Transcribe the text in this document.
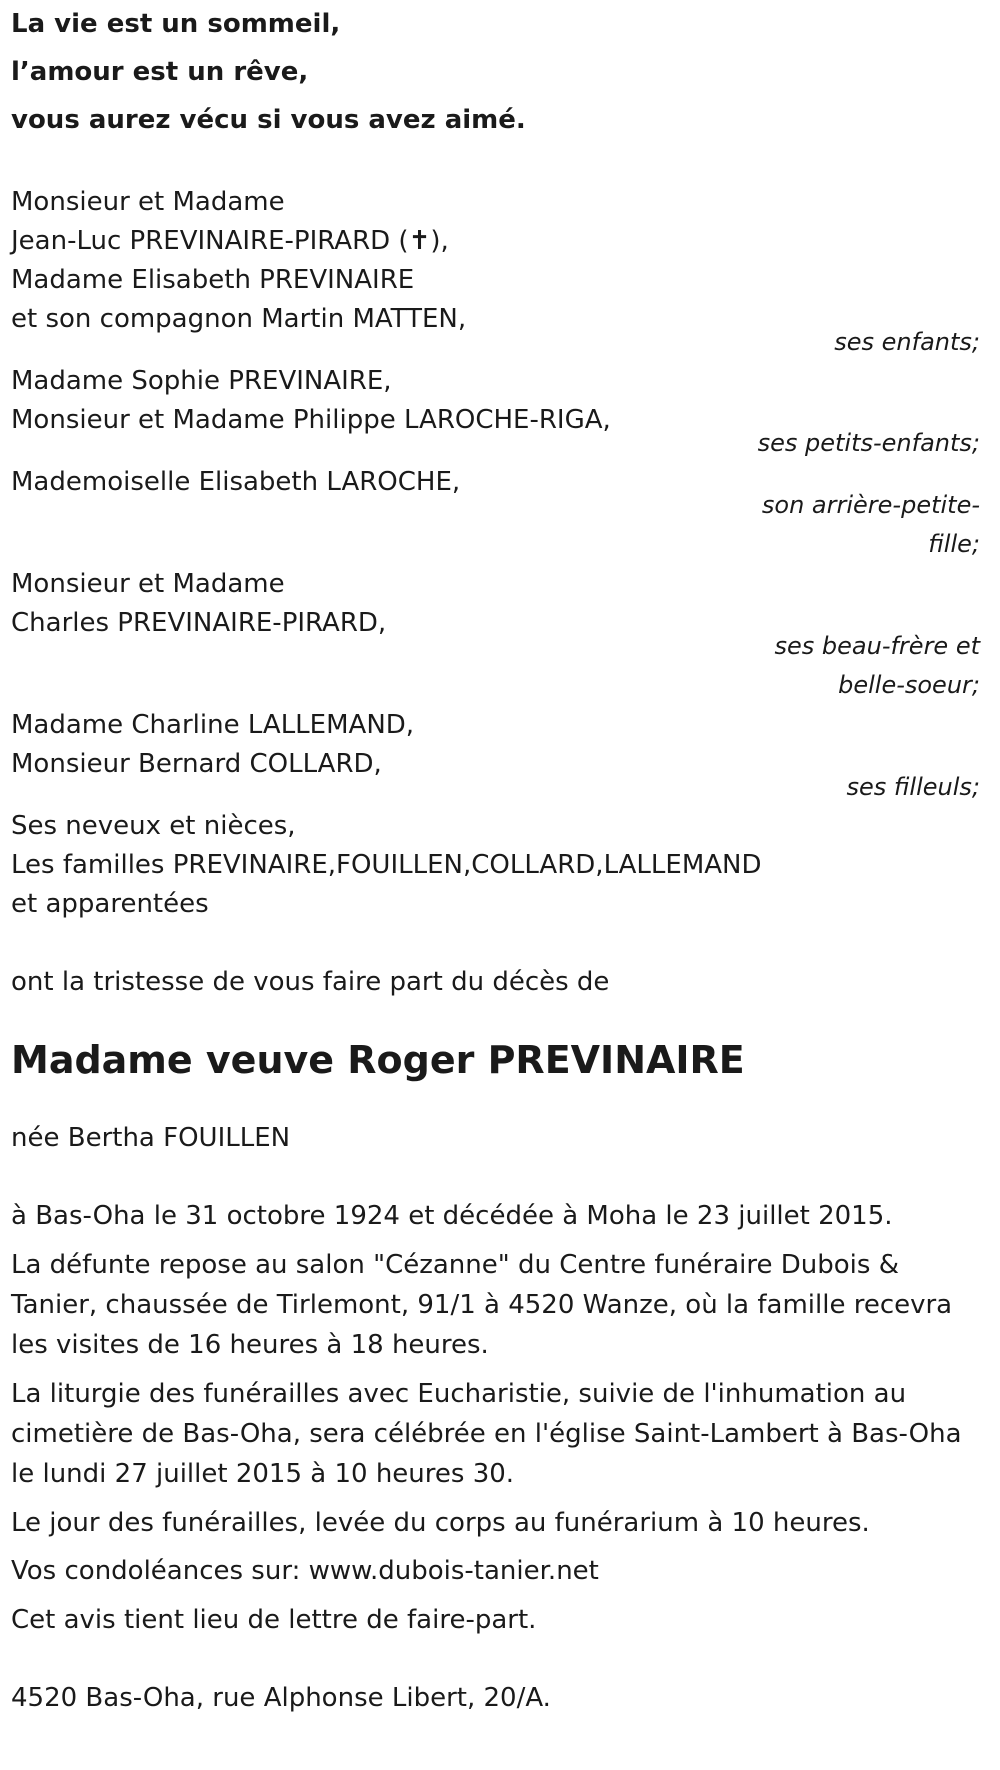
La vie est un sommeil,
l’amour est un rêve,
vous aurez vécu si vous avez aimé.
Monsieur et Madame
Jean-Luc PREVINAIRE-PIRARD (✝),
Madame Elisabeth PREVINAIRE
et son compagnon Martin MATTEN,
ses enfants;
Madame Sophie PREVINAIRE,
Monsieur et Madame Philippe LAROCHE-RIGA,
ses petits-enfants;
Mademoiselle Elisabeth LAROCHE,
son arrière-petite-
fille;
Monsieur et Madame
Charles PREVINAIRE-PIRARD,
ses beau-frère et
belle-soeur;
Madame Charline LALLEMAND,
Monsieur Bernard COLLARD,
ses filleuls;
Ses neveux et nièces,
Les familles PREVINAIRE,FOUILLEN,COLLARD,LALLEMAND
et apparentées
ont la tristesse de vous faire part du décès de
Madame veuve Roger PREVINAIRE
née Bertha FOUILLEN
à Bas-Oha le 31 octobre 1924 et décédée à Moha le 23 juillet 2015.
La défunte repose au salon "Cézanne" du Centre funéraire Dubois &
Tanier, chaussée de Tirlemont, 91/1 à 4520 Wanze, où la famille recevra
les visites de 16 heures à 18 heures.
La liturgie des funérailles avec Eucharistie, suivie de l'inhumation au
cimetière de Bas-Oha, sera célébrée en l'église Saint-Lambert à Bas-Oha
le lundi 27 juillet 2015 à 10 heures 30.
Le jour des funérailles, levée du corps au funérarium à 10 heures.
Vos condoléances sur: www.dubois-tanier.net
Cet avis tient lieu de lettre de faire-part.
4520 Bas-Oha, rue Alphonse Libert, 20/A.
